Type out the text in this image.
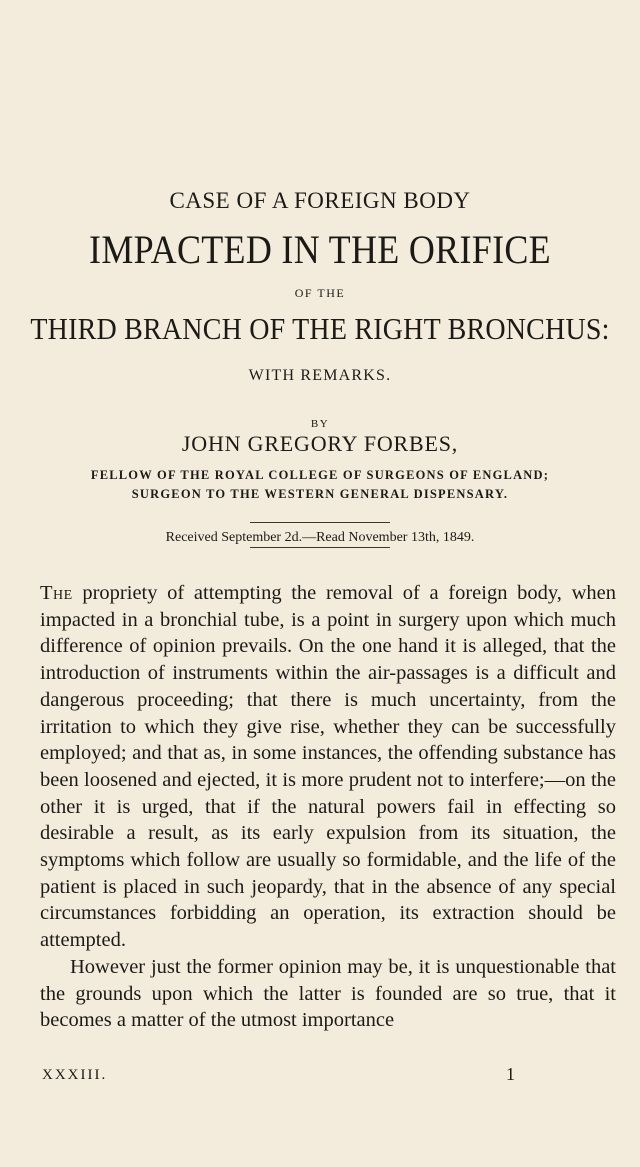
CASE OF A FOREIGN BODY
IMPACTED IN THE ORIFICE
OF THE
THIRD BRANCH OF THE RIGHT BRONCHUS:
WITH REMARKS.
BY
JOHN GREGORY FORBES,
FELLOW OF THE ROYAL COLLEGE OF SURGEONS OF ENGLAND;
SURGEON TO THE WESTERN GENERAL DISPENSARY.
Received September 2d.—Read November 13th, 1849.

The propriety of attempting the removal of a foreign body, when impacted in a bronchial tube, is a point in surgery upon which much difference of opinion prevails. On the one hand it is alleged, that the introduction of instruments within the air-passages is a difficult and dangerous proceeding; that there is much uncertainty, from the irritation to which they give rise, whether they can be successfully employed; and that as, in some instances, the offending substance has been loosened and ejected, it is more prudent not to interfere;—on the other it is urged, that if the natural powers fail in effecting so desirable a result, as its early expulsion from its situation, the symptoms which follow are usually so formidable, and the life of the patient is placed in such jeopardy, that in the absence of any special circumstances forbidding an operation, its extraction should be attempted.

However just the former opinion may be, it is unquestionable that the grounds upon which the latter is founded are so true, that it becomes a matter of the utmost importance

XXXIII.	1
